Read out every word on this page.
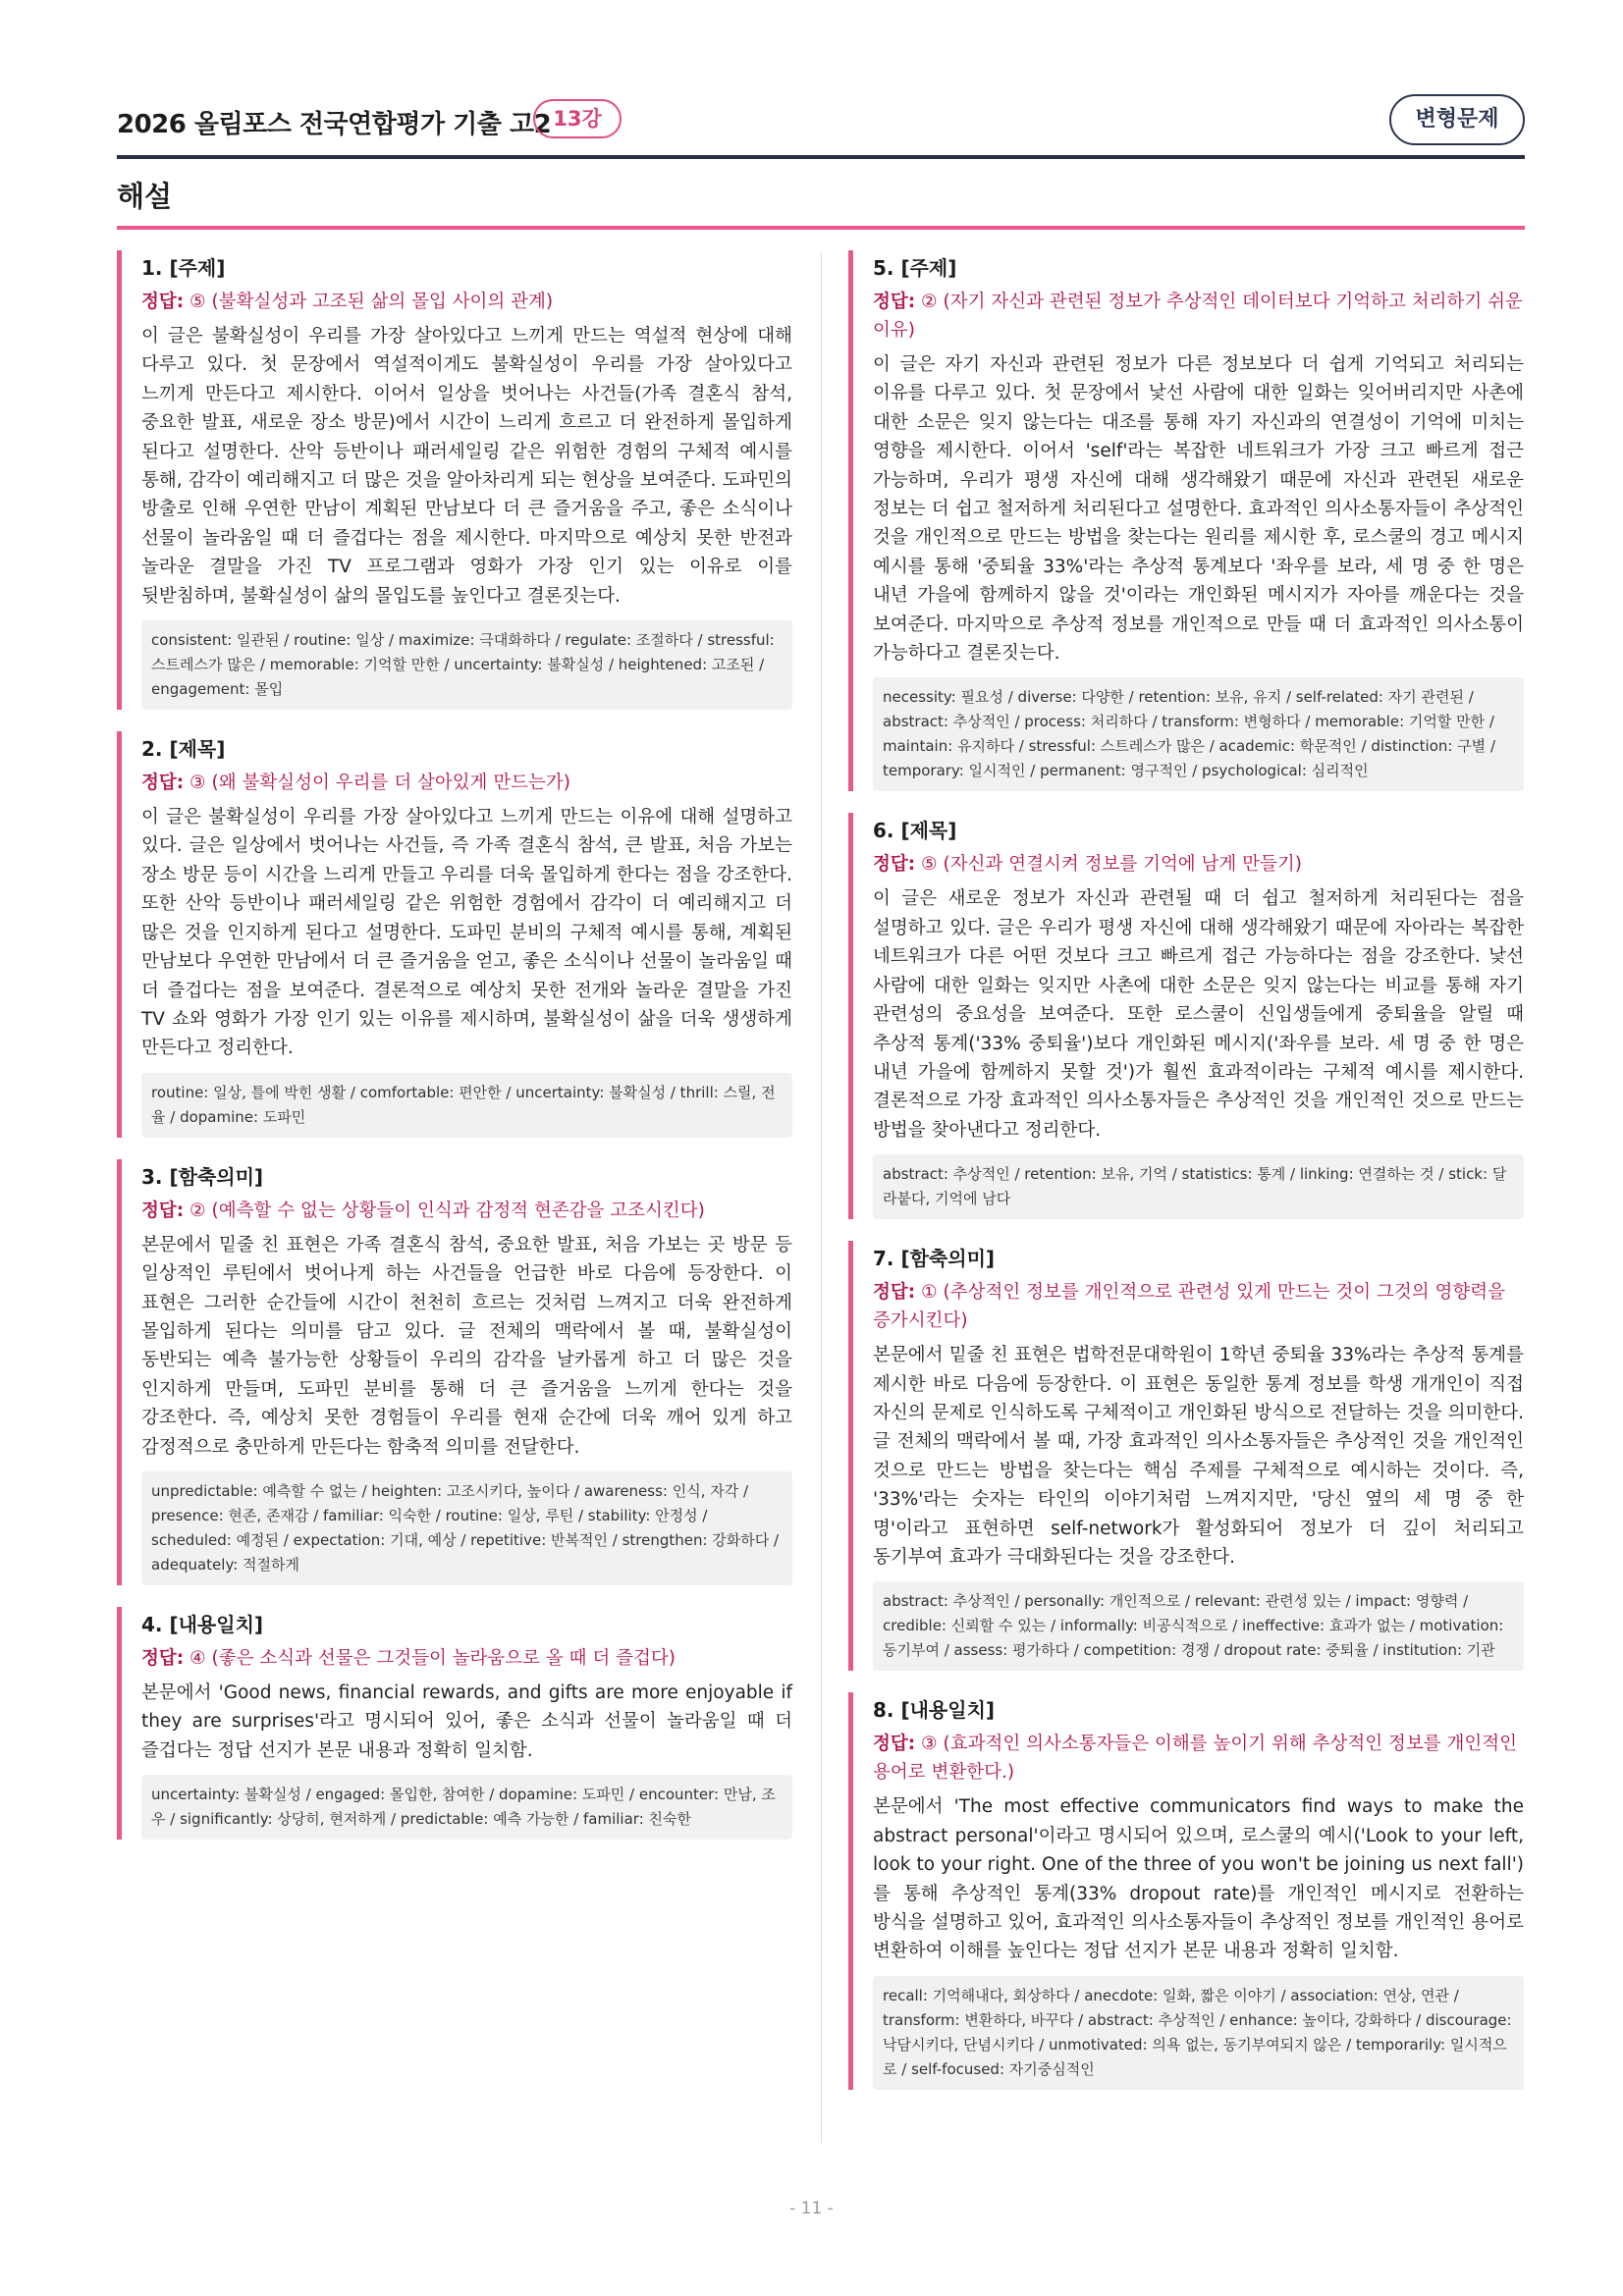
2026 올림포스 전국연합평가 기출 고2 13강	변형문제
해설
1. [주제]
정답: ⑤ (불확실성과 고조된 삶의 몰입 사이의 관계)
이 글은 불확실성이 우리를 가장 살아있다고 느끼게 만드는 역설적 현상에 대해 다루고 있다. 첫 문장에서 역설적이게도 불확실성이 우리를 가장 살아있다고 느끼게 만든다고 제시한다. 이어서 일상을 벗어나는 사건들(가족 결혼식 참석, 중요한 발표, 새로운 장소 방문)에서 시간이 느리게 흐르고 더 완전하게 몰입하게 된다고 설명한다. 산악 등반이나 패러세일링 같은 위험한 경험의 구체적 예시를 통해, 감각이 예리해지고 더 많은 것을 알아차리게 되는 현상을 보여준다. 도파민의 방출로 인해 우연한 만남이 계획된 만남보다 더 큰 즐거움을 주고, 좋은 소식이나 선물이 놀라움일 때 더 즐겁다는 점을 제시한다. 마지막으로 예상치 못한 반전과 놀라운 결말을 가진 TV 프로그램과 영화가 가장 인기 있는 이유로 이를 뒷받침하며, 불확실성이 삶의 몰입도를 높인다고 결론짓는다.
consistent: 일관된 / routine: 일상 / maximize: 극대화하다 / regulate: 조절하다 / stressful: 스트레스가 많은 / memorable: 기억할 만한 / uncertainty: 불확실성 / heightened: 고조된 / engagement: 몰입
2. [제목]
정답: ③ (왜 불확실성이 우리를 더 살아있게 만드는가)
이 글은 불확실성이 우리를 가장 살아있다고 느끼게 만드는 이유에 대해 설명하고 있다. 글은 일상에서 벗어나는 사건들, 즉 가족 결혼식 참석, 큰 발표, 처음 가보는 장소 방문 등이 시간을 느리게 만들고 우리를 더욱 몰입하게 한다는 점을 강조한다. 또한 산악 등반이나 패러세일링 같은 위험한 경험에서 감각이 더 예리해지고 더 많은 것을 인지하게 된다고 설명한다. 도파민 분비의 구체적 예시를 통해, 계획된 만남보다 우연한 만남에서 더 큰 즐거움을 얻고, 좋은 소식이나 선물이 놀라움일 때 더 즐겁다는 점을 보여준다. 결론적으로 예상치 못한 전개와 놀라운 결말을 가진 TV 쇼와 영화가 가장 인기 있는 이유를 제시하며, 불확실성이 삶을 더욱 생생하게 만든다고 정리한다.
routine: 일상, 틀에 박힌 생활 / comfortable: 편안한 / uncertainty: 불확실성 / thrill: 스릴, 전율 / dopamine: 도파민
3. [함축의미]
정답: ② (예측할 수 없는 상황들이 인식과 감정적 현존감을 고조시킨다)
본문에서 밑줄 친 표현은 가족 결혼식 참석, 중요한 발표, 처음 가보는 곳 방문 등 일상적인 루틴에서 벗어나게 하는 사건들을 언급한 바로 다음에 등장한다. 이 표현은 그러한 순간들에 시간이 천천히 흐르는 것처럼 느껴지고 더욱 완전하게 몰입하게 된다는 의미를 담고 있다. 글 전체의 맥락에서 볼 때, 불확실성이 동반되는 예측 불가능한 상황들이 우리의 감각을 날카롭게 하고 더 많은 것을 인지하게 만들며, 도파민 분비를 통해 더 큰 즐거움을 느끼게 한다는 것을 강조한다. 즉, 예상치 못한 경험들이 우리를 현재 순간에 더욱 깨어 있게 하고 감정적으로 충만하게 만든다는 함축적 의미를 전달한다.
unpredictable: 예측할 수 없는 / heighten: 고조시키다, 높이다 / awareness: 인식, 자각 / presence: 현존, 존재감 / familiar: 익숙한 / routine: 일상, 루틴 / stability: 안정성 / scheduled: 예정된 / expectation: 기대, 예상 / repetitive: 반복적인 / strengthen: 강화하다 / adequately: 적절하게
4. [내용일치]
정답: ④ (좋은 소식과 선물은 그것들이 놀라움으로 올 때 더 즐겁다)
본문에서 'Good news, financial rewards, and gifts are more enjoyable if they are surprises'라고 명시되어 있어, 좋은 소식과 선물이 놀라움일 때 더 즐겁다는 정답 선지가 본문 내용과 정확히 일치함.
uncertainty: 불확실성 / engaged: 몰입한, 참여한 / dopamine: 도파민 / encounter: 만남, 조우 / significantly: 상당히, 현저하게 / predictable: 예측 가능한 / familiar: 친숙한
5. [주제]
정답: ② (자기 자신과 관련된 정보가 추상적인 데이터보다 기억하고 처리하기 쉬운 이유)
이 글은 자기 자신과 관련된 정보가 다른 정보보다 더 쉽게 기억되고 처리되는 이유를 다루고 있다. 첫 문장에서 낯선 사람에 대한 일화는 잊어버리지만 사촌에 대한 소문은 잊지 않는다는 대조를 통해 자기 자신과의 연결성이 기억에 미치는 영향을 제시한다. 이어서 'self'라는 복잡한 네트워크가 가장 크고 빠르게 접근 가능하며, 우리가 평생 자신에 대해 생각해왔기 때문에 자신과 관련된 새로운 정보는 더 쉽고 철저하게 처리된다고 설명한다. 효과적인 의사소통자들이 추상적인 것을 개인적으로 만드는 방법을 찾는다는 원리를 제시한 후, 로스쿨의 경고 메시지 예시를 통해 '중퇴율 33%'라는 추상적 통계보다 '좌우를 보라, 세 명 중 한 명은 내년 가을에 함께하지 않을 것'이라는 개인화된 메시지가 자아를 깨운다는 것을 보여준다. 마지막으로 추상적 정보를 개인적으로 만들 때 더 효과적인 의사소통이 가능하다고 결론짓는다.
necessity: 필요성 / diverse: 다양한 / retention: 보유, 유지 / self-related: 자기 관련된 / abstract: 추상적인 / process: 처리하다 / transform: 변형하다 / memorable: 기억할 만한 / maintain: 유지하다 / stressful: 스트레스가 많은 / academic: 학문적인 / distinction: 구별 / temporary: 일시적인 / permanent: 영구적인 / psychological: 심리적인
6. [제목]
정답: ⑤ (자신과 연결시켜 정보를 기억에 남게 만들기)
이 글은 새로운 정보가 자신과 관련될 때 더 쉽고 철저하게 처리된다는 점을 설명하고 있다. 글은 우리가 평생 자신에 대해 생각해왔기 때문에 자아라는 복잡한 네트워크가 다른 어떤 것보다 크고 빠르게 접근 가능하다는 점을 강조한다. 낯선 사람에 대한 일화는 잊지만 사촌에 대한 소문은 잊지 않는다는 비교를 통해 자기 관련성의 중요성을 보여준다. 또한 로스쿨이 신입생들에게 중퇴율을 알릴 때 추상적 통계('33% 중퇴율')보다 개인화된 메시지('좌우를 보라. 세 명 중 한 명은 내년 가을에 함께하지 못할 것')가 훨씬 효과적이라는 구체적 예시를 제시한다. 결론적으로 가장 효과적인 의사소통자들은 추상적인 것을 개인적인 것으로 만드는 방법을 찾아낸다고 정리한다.
abstract: 추상적인 / retention: 보유, 기억 / statistics: 통계 / linking: 연결하는 것 / stick: 달라붙다, 기억에 남다
7. [함축의미]
정답: ① (추상적인 정보를 개인적으로 관련성 있게 만드는 것이 그것의 영향력을 증가시킨다)
본문에서 밑줄 친 표현은 법학전문대학원이 1학년 중퇴율 33%라는 추상적 통계를 제시한 바로 다음에 등장한다. 이 표현은 동일한 통계 정보를 학생 개개인이 직접 자신의 문제로 인식하도록 구체적이고 개인화된 방식으로 전달하는 것을 의미한다. 글 전체의 맥락에서 볼 때, 가장 효과적인 의사소통자들은 추상적인 것을 개인적인 것으로 만드는 방법을 찾는다는 핵심 주제를 구체적으로 예시하는 것이다. 즉, '33%'라는 숫자는 타인의 이야기처럼 느껴지지만, '당신 옆의 세 명 중 한 명'이라고 표현하면 self-network가 활성화되어 정보가 더 깊이 처리되고 동기부여 효과가 극대화된다는 것을 강조한다.
abstract: 추상적인 / personally: 개인적으로 / relevant: 관련성 있는 / impact: 영향력 / credible: 신뢰할 수 있는 / informally: 비공식적으로 / ineffective: 효과가 없는 / motivation: 동기부여 / assess: 평가하다 / competition: 경쟁 / dropout rate: 중퇴율 / institution: 기관
8. [내용일치]
정답: ③ (효과적인 의사소통자들은 이해를 높이기 위해 추상적인 정보를 개인적인 용어로 변환한다.)
본문에서 'The most effective communicators find ways to make the abstract personal'이라고 명시되어 있으며, 로스쿨의 예시('Look to your left, look to your right. One of the three of you won't be joining us next fall')를 통해 추상적인 통계(33% dropout rate)를 개인적인 메시지로 전환하는 방식을 설명하고 있어, 효과적인 의사소통자들이 추상적인 정보를 개인적인 용어로 변환하여 이해를 높인다는 정답 선지가 본문 내용과 정확히 일치함.
recall: 기억해내다, 회상하다 / anecdote: 일화, 짧은 이야기 / association: 연상, 연관 / transform: 변환하다, 바꾸다 / abstract: 추상적인 / enhance: 높이다, 강화하다 / discourage: 낙담시키다, 단념시키다 / unmotivated: 의욕 없는, 동기부여되지 않은 / temporarily: 일시적으로 / self-focused: 자기중심적인
- 11 -
